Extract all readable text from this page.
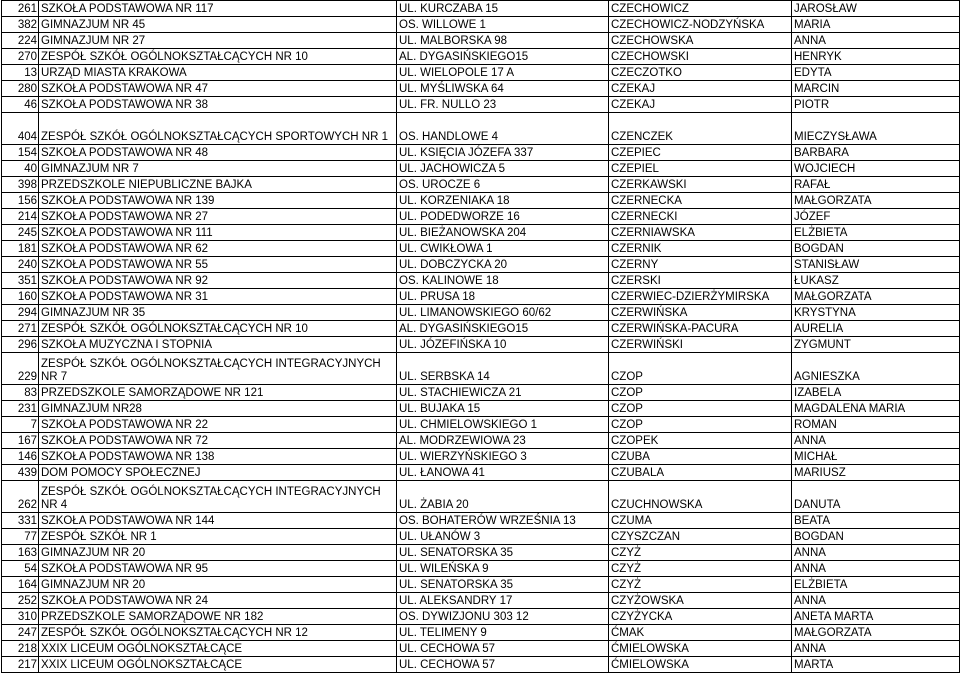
261	SZKOŁA PODSTAWOWA NR 117	UL. KURCZABA 15	CZECHOWICZ	JAROSŁAW
382	GIMNAZJUM NR 45	OS. WILLOWE 1	CZECHOWICZ-NODZYŃSKA	MARIA
224	GIMNAZJUM NR 27	UL. MALBORSKA 98	CZECHOWSKA	ANNA
270	ZESPÓŁ SZKÓŁ OGÓLNOKSZTAŁCĄCYCH NR 10	AL. DYGASIŃSKIEGO15	CZECHOWSKI	HENRYK
13	URZĄD MIASTA KRAKOWA	UL. WIELOPOLE 17 A	CZECZOTKO	EDYTA
280	SZKOŁA PODSTAWOWA NR 47	UL. MYŚLIWSKA 64	CZEKAJ	MARCIN
46	SZKOŁA PODSTAWOWA NR 38	UL. FR. NULLO 23	CZEKAJ	PIOTR
404	ZESPÓŁ SZKÓŁ OGÓLNOKSZTAŁCĄCYCH SPORTOWYCH NR 1	OS. HANDLOWE 4	CZENCZEK	MIECZYSŁAWA
154	SZKOŁA PODSTAWOWA NR 48	UL. KSIĘCIA JÓZEFA 337	CZEPIEC	BARBARA
40	GIMNAZJUM NR 7	UL. JACHOWICZA 5	CZEPIEL	WOJCIECH
398	PRZEDSZKOLE NIEPUBLICZNE BAJKA	OS. UROCZE 6	CZERKAWSKI	RAFAŁ
156	SZKOŁA PODSTAWOWA NR 139	UL. KORZENIAKA 18	CZERNECKA	MAŁGORZATA
214	SZKOŁA PODSTAWOWA NR 27	UL. PODEDWORZE 16	CZERNECKI	JÓZEF
245	SZKOŁA PODSTAWOWA NR 111	UL. BIEŻANOWSKA 204	CZERNIAWSKA	ELŻBIETA
181	SZKOŁA PODSTAWOWA NR 62	UL. CWIKŁOWA 1	CZERNIK	BOGDAN
240	SZKOŁA PODSTAWOWA NR 55	UL. DOBCZYCKA 20	CZERNY	STANISŁAW
351	SZKOŁA PODSTAWOWA NR 92	OS. KALINOWE 18	CZERSKI	ŁUKASZ
160	SZKOŁA PODSTAWOWA NR 31	UL. PRUSA 18	CZERWIEC-DZIERŻYMIRSKA	MAŁGORZATA
294	GIMNAZJUM NR 35	UL. LIMANOWSKIEGO 60/62	CZERWIŃSKA	KRYSTYNA
271	ZESPÓŁ SZKÓŁ OGÓLNOKSZTAŁCĄCYCH NR 10	AL. DYGASIŃSKIEGO15	CZERWIŃSKA-PACURA	AURELIA
296	SZKOŁA MUZYCZNA I STOPNIA	UL. JÓZEFIŃSKA 10	CZERWIŃSKI	ZYGMUNT
229	ZESPÓŁ SZKÓŁ OGÓLNOKSZTAŁCĄCYCH INTEGRACYJNYCH NR 7	UL. SERBSKA 14	CZOP	AGNIESZKA
83	PRZEDSZKOLE SAMORZĄDOWE NR 121	UL. STACHIEWICZA 21	CZOP	IZABELA
231	GIMNAZJUM NR28	UL. BUJAKA 15	CZOP	MAGDALENA MARIA
7	SZKOŁA PODSTAWOWA NR 22	UL. CHMIELOWSKIEGO 1	CZOP	ROMAN
167	SZKOŁA PODSTAWOWA NR 72	AL. MODRZEWIOWA 23	CZOPEK	ANNA
146	SZKOŁA PODSTAWOWA NR 138	UL. WIERZYŃSKIEGO 3	CZUBA	MICHAŁ
439	DOM POMOCY SPOŁECZNEJ	UL. ŁANOWA 41	CZUBALA	MARIUSZ
262	ZESPÓŁ SZKÓŁ OGÓLNOKSZTAŁCĄCYCH INTEGRACYJNYCH NR 4	UL. ŻABIA 20	CZUCHNOWSKA	DANUTA
331	SZKOŁA PODSTAWOWA NR 144	OS. BOHATERÓW WRZEŚNIA 13	CZUMA	BEATA
77	ZESPÓŁ SZKÓŁ NR 1	UL. UŁANÓW 3	CZYSZCZAN	BOGDAN
163	GIMNAZJUM NR 20	UL. SENATORSKA 35	CZYŻ	ANNA
54	SZKOŁA PODSTAWOWA NR 95	UL. WILEŃSKA 9	CZYŻ	ANNA
164	GIMNAZJUM NR 20	UL. SENATORSKA 35	CZYŻ	ELŻBIETA
252	SZKOŁA PODSTAWOWA NR 24	UL. ALEKSANDRY 17	CZYŻOWSKA	ANNA
310	PRZEDSZKOLE SAMORZĄDOWE NR 182	OS. DYWIZJONU 303 12	CZYŻYCKA	ANETA MARTA
247	ZESPÓŁ SZKÓŁ OGÓLNOKSZTAŁCĄCYCH NR 12	UL. TELIMENY 9	ĆMAK	MAŁGORZATA
218	XXIX LICEUM OGÓLNOKSZTAŁCĄCE	UL. CECHOWA 57	ĆMIELOWSKA	ANNA
217	XXIX LICEUM OGÓLNOKSZTAŁCĄCE	UL. CECHOWA 57	ĆMIELOWSKA	MARTA
